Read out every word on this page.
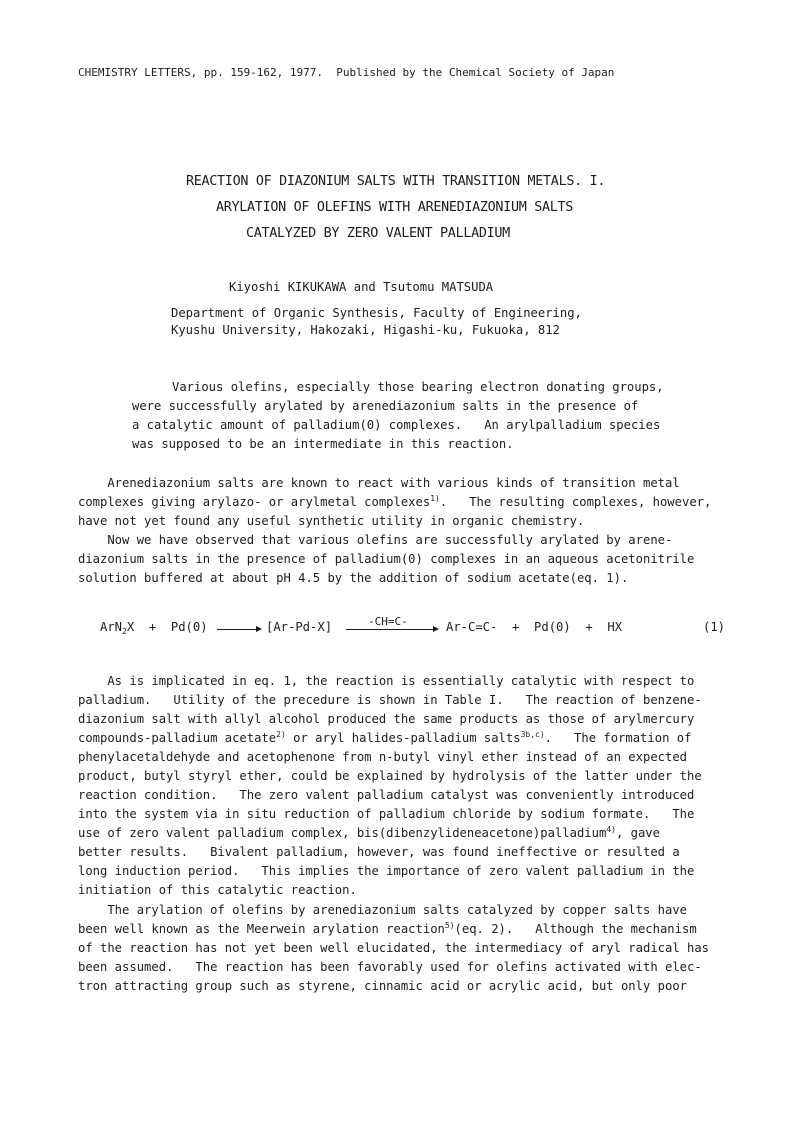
CHEMISTRY LETTERS, pp. 159-162, 1977.  Published by the Chemical Society of Japan
REACTION OF DIAZONIUM SALTS WITH TRANSITION METALS. I.
ARYLATION OF OLEFINS WITH ARENEDIAZONIUM SALTS
CATALYZED BY ZERO VALENT PALLADIUM
Kiyoshi KIKUKAWA and Tsutomu MATSUDA
Department of Organic Synthesis, Faculty of Engineering,
Kyushu University, Hakozaki, Higashi-ku, Fukuoka, 812
Various olefins, especially those bearing electron donating groups,
were successfully arylated by arenediazonium salts in the presence of
a catalytic amount of palladium(0) complexes.   An arylpalladium species
was supposed to be an intermediate in this reaction.
Arenediazonium salts are known to react with various kinds of transition metal
complexes giving arylazo- or arylmetal complexes$^{1)}$.   The resulting complexes, however,
have not yet found any useful synthetic utility in organic chemistry.
Now we have observed that various olefins are successfully arylated by arene-
diazonium salts in the presence of palladium(0) complexes in an aqueous acetonitrile
solution buffered at about pH 4.5 by the addition of sodium acetate(eq. 1).
ArN$_2$X  +  Pd(0)	[Ar-Pd-X]	-CH=C-	Ar-C=C-  +  Pd(0)  +  HX	(1)
As is implicated in eq. 1, the reaction is essentially catalytic with respect to
palladium.   Utility of the precedure is shown in Table I.   The reaction of benzene-
diazonium salt with allyl alcohol produced the same products as those of arylmercury
compounds-palladium acetate$^{2)}$ or aryl halides-palladium salts$^{3b,c)}$.   The formation of
phenylacetaldehyde and acetophenone from n-butyl vinyl ether instead of an expected
product, butyl styryl ether, could be explained by hydrolysis of the latter under the
reaction condition.   The zero valent palladium catalyst was conveniently introduced
into the system via in situ reduction of palladium chloride by sodium formate.   The
use of zero valent palladium complex, bis(dibenzylideneacetone)palladium$^{4)}$, gave
better results.   Bivalent palladium, however, was found ineffective or resulted a
long induction period.   This implies the importance of zero valent palladium in the
initiation of this catalytic reaction.
The arylation of olefins by arenediazonium salts catalyzed by copper salts have
been well known as the Meerwein arylation reaction$^{5)}$(eq. 2).   Although the mechanism
of the reaction has not yet been well elucidated, the intermediacy of aryl radical has
been assumed.   The reaction has been favorably used for olefins activated with elec-
tron attracting group such as styrene, cinnamic acid or acrylic acid, but only poor
